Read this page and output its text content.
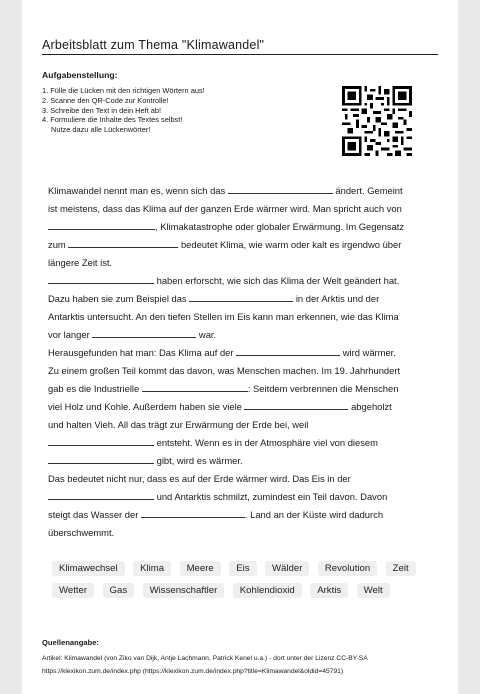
Arbeitsblatt zum Thema "Klimawandel"
Aufgabenstellung:
1. Fülle die Lücken mit den richtigen Wörtern aus!
2. Scanne den QR-Code zur Kontrolle!
3. Schreibe den Text in dein Heft ab!
4. Formuliere die Inhalte des Textes selbst!
Nutze dazu alle Lückenwörter!
Klimawandel nennt man es, wenn sich das	ändert. Gemeint
ist meistens, dass das Klima auf der ganzen Erde wärmer wird. Man spricht auch von
, Klimakatastrophe oder globaler Erwärmung. Im Gegensatz
zum	bedeutet Klima, wie warm oder kalt es irgendwo über
längere Zeit ist.
haben erforscht, wie sich das Klima der Welt geändert hat.
Dazu haben sie zum Beispiel das	in der Arktis und der
Antarktis untersucht. An den tiefen Stellen im Eis kann man erkennen, wie das Klima
vor langer	war.
Herausgefunden hat man: Das Klima auf der	wird wärmer.
Zu einem großen Teil kommt das davon, was Menschen machen. Im 19. Jahrhundert
gab es die Industrielle	: Seitdem verbrennen die Menschen
viel Holz und Kohle. Außerdem haben sie viele	abgeholzt
und halten Vieh. All das trägt zur Erwärmung der Erde bei, weil
entsteht. Wenn es in der Atmosphäre viel von diesem
gibt, wird es wärmer.
Das bedeutet nicht nur, dass es auf der Erde wärmer wird. Das Eis in der
und Antarktis schmilzt, zumindest ein Teil davon. Davon
steigt das Wasser der	. Land an der Küste wird dadurch
überschwemmt.
Klimawechsel Klima Meere Eis Wälder Revolution Zeit
Wetter Gas Wissenschaftler Kohlendioxid Arktis Welt
Quellenangabe:
Artikel: Klimawandel (von Ziko van Dijk, Antje Lachmann, Patrick Kenel u.a.) - dort unter der Lizenz CC-BY-SA
https://klexikon.zum.de/index.php (https://klexikon.zum.de/index.php?title=Klimawandel&oldid=45791)
